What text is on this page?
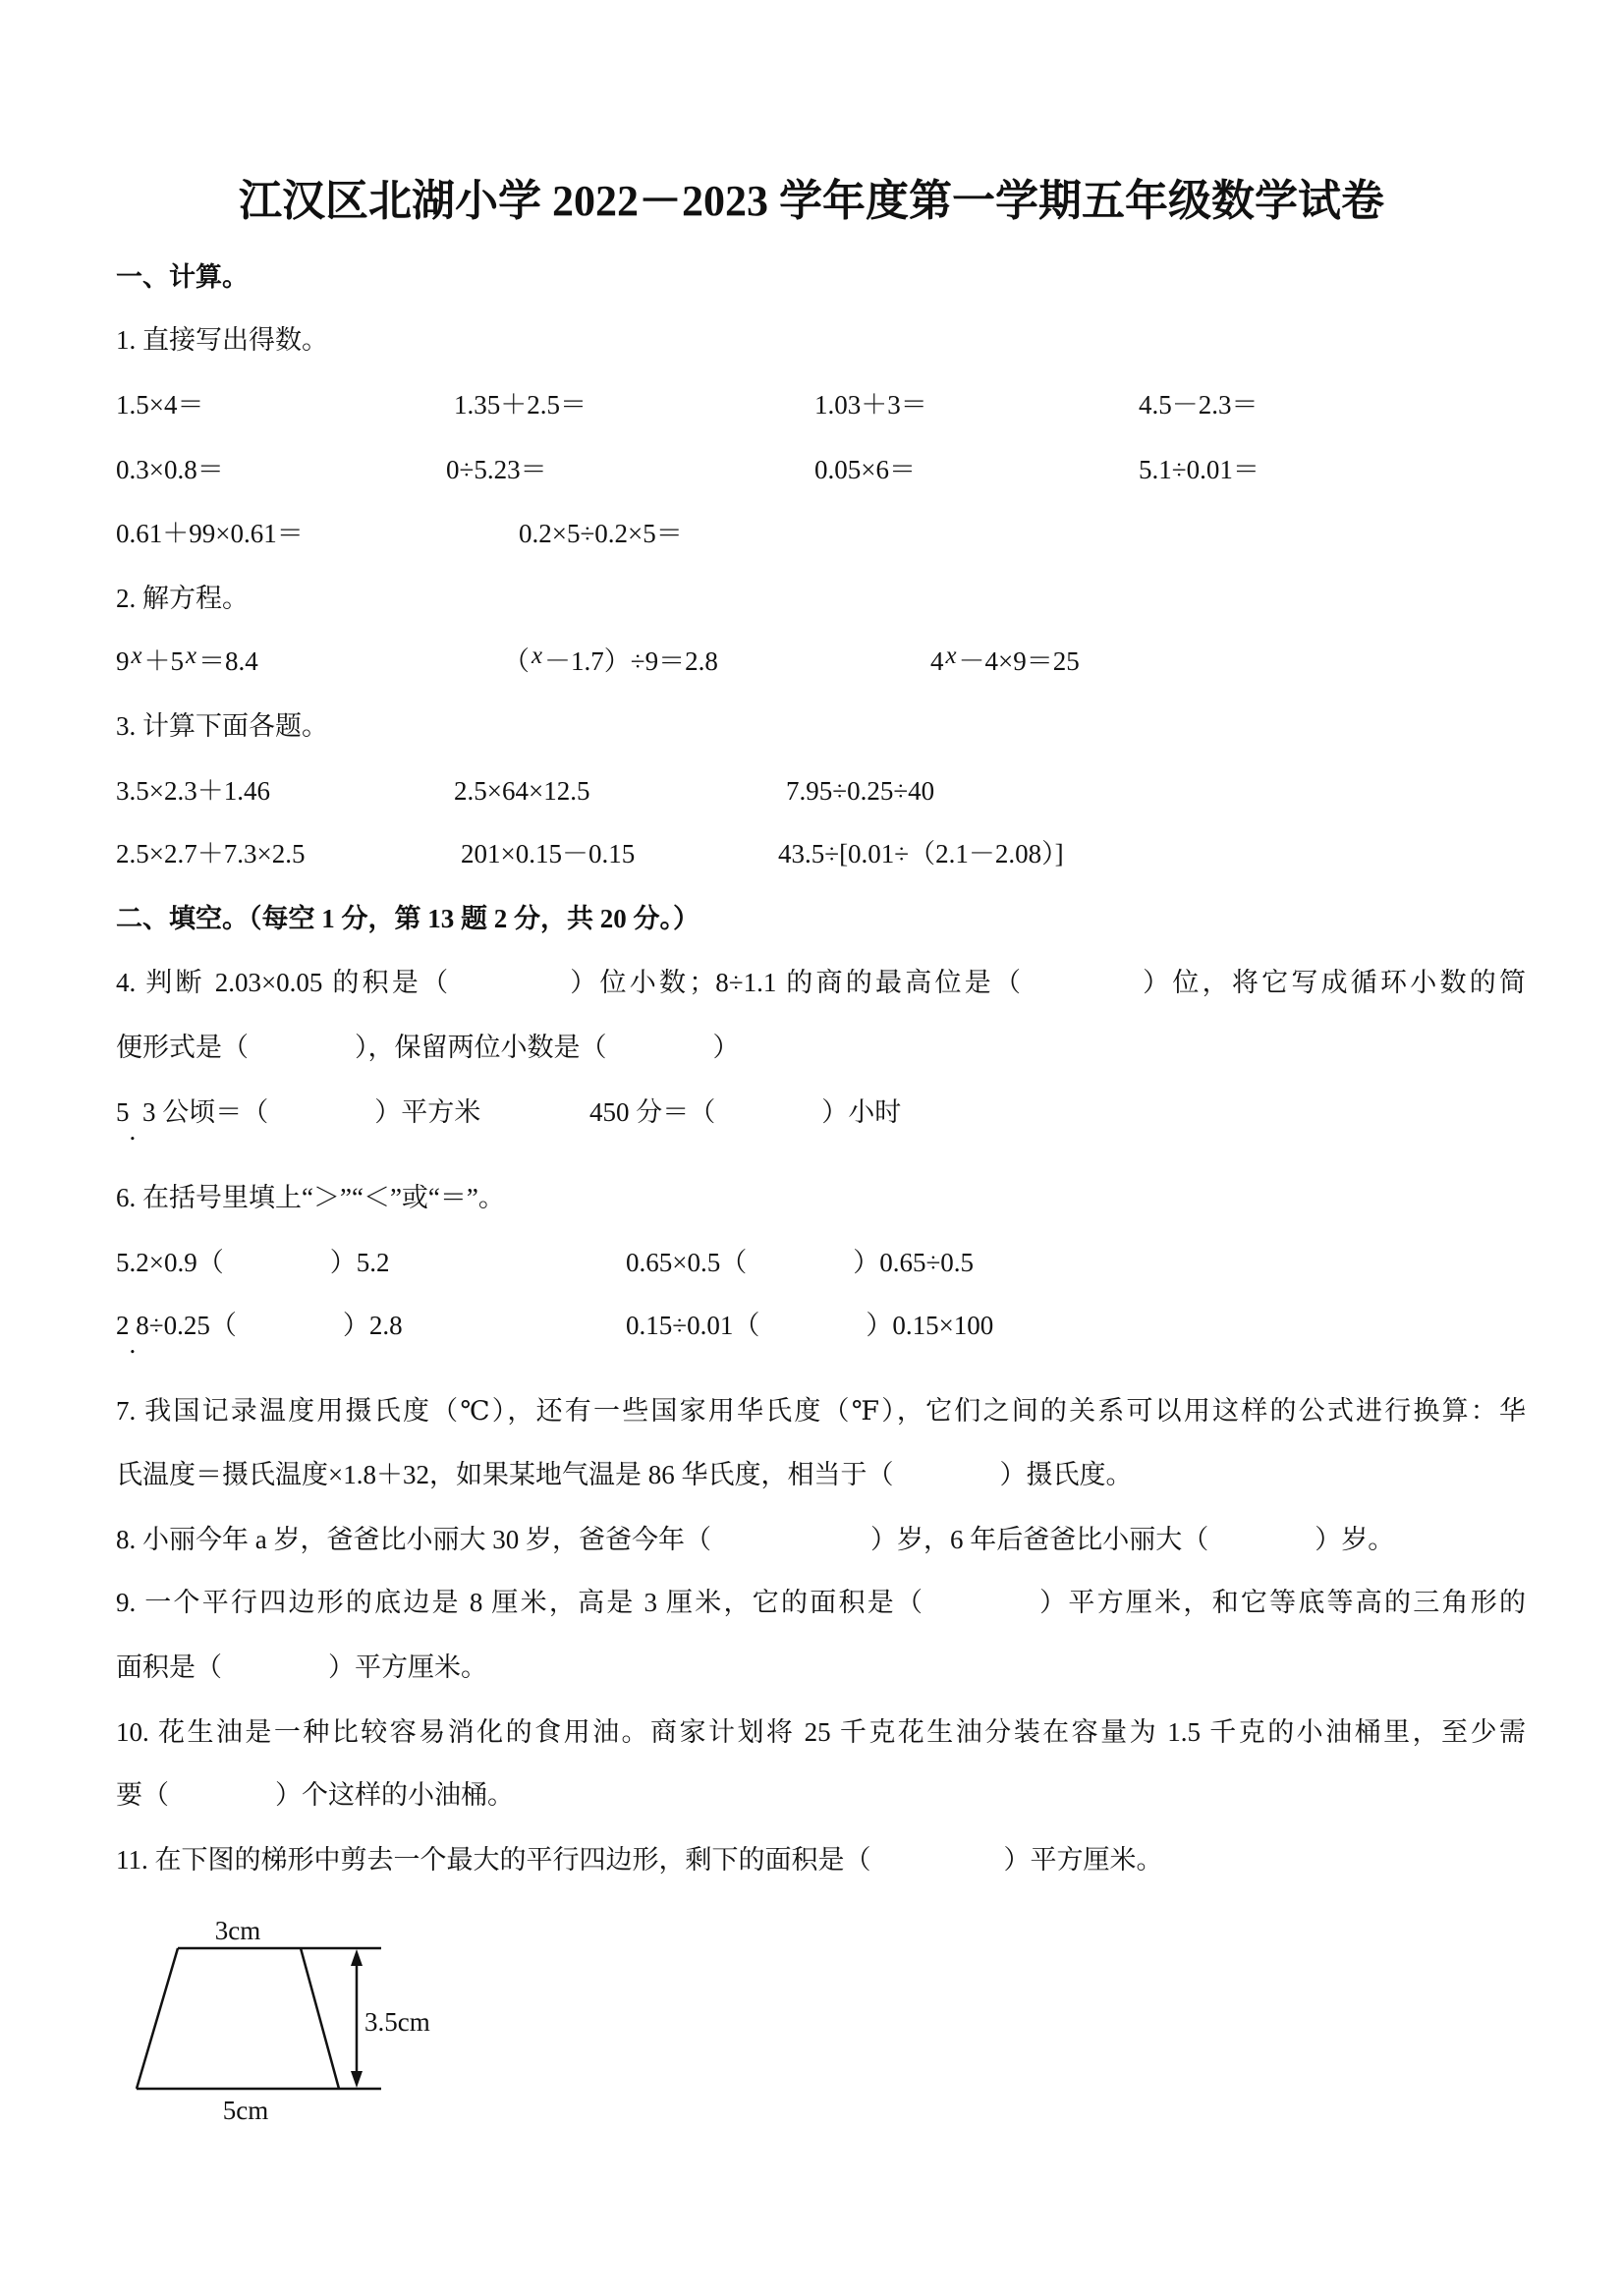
江汉区北湖小学 2022－2023 学年度第一学期五年级数学试卷
一、计算。
1. 直接写出得数。
1.5×4＝	1.35＋2.5＝	1.03＋3＝	4.5－2.3＝
0.3×0.8＝	0÷5.23＝	0.05×6＝	5.1÷0.01＝
0.61＋99×0.61＝	0.2×5÷0.2×5＝
2. 解方程。
9x＋5x＝8.4	（x－1.7）÷9＝2.8	4x－4×9＝25
3. 计算下面各题。
3.5×2.3＋1.46	2.5×64×12.5	7.95÷0.25÷40
2.5×2.7＋7.3×2.5	201×0.15－0.15	43.5÷[0.01÷（2.1－2.08）]
二、填空。（每空 1 分，第 13 题 2 分，共 20 分。）
4. 判断 2.03×0.05 的积是（　　　　）位小数；8÷1.1 的商的最高位是（　　　　）位，将它写成循环小数的简
便形式是（　　　　），保留两位小数是（　　　　）
5. 3 公顷＝（　　　　）平方米	450 分＝（　　　　）小时
6. 在括号里填上“＞”“＜”或“＝”。
5.2×0.9（　　　　）5.2	0.65×0.5（　　　　）0.65÷0.5
2.8÷0.25（　　　　）2.8	0.15÷0.01（　　　　）0.15×100
7. 我国记录温度用摄氏度（℃），还有一些国家用华氏度（℉），它们之间的关系可以用这样的公式进行换算：华
氏温度＝摄氏温度×1.8＋32，如果某地气温是 86 华氏度，相当于（　　　　）摄氏度。
8. 小丽今年 a 岁，爸爸比小丽大 30 岁，爸爸今年（　　　　　　）岁，6 年后爸爸比小丽大（　　　　）岁。
9. 一个平行四边形的底边是 8 厘米，高是 3 厘米，它的面积是（　　　　）平方厘米，和它等底等高的三角形的
面积是（　　　　）平方厘米。
10. 花生油是一种比较容易消化的食用油。商家计划将 25 千克花生油分装在容量为 1.5 千克的小油桶里，至少需
要（　　　　）个这样的小油桶。
11. 在下图的梯形中剪去一个最大的平行四边形，剩下的面积是（　　　　　）平方厘米。
3cm
3.5cm
5cm
